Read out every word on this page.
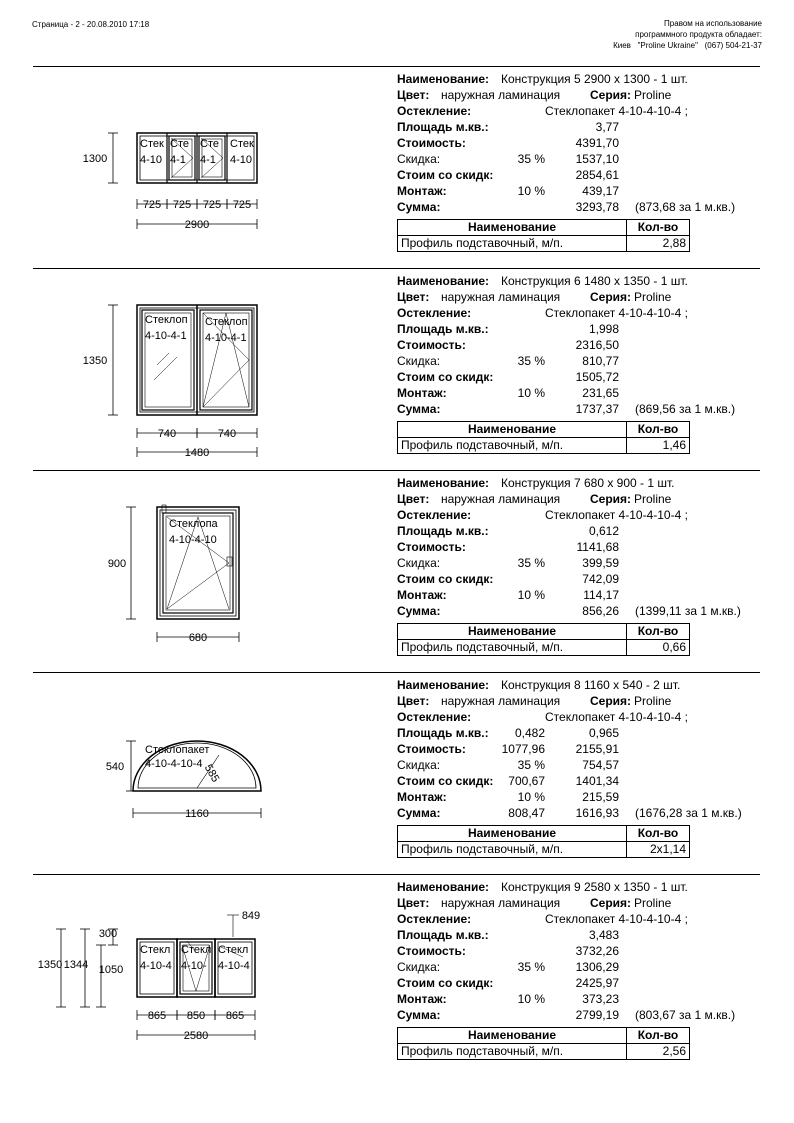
Страница - 2 - 20.08.2010 17:18	Правом на использование
программного продукта обладает:
Киев   "Proline Ukraine"   (067) 504-21-37
Стек
4-10
Сте
4-1
Сте
4-1
Стек
4-10
1300
725 725 725 725
2900
Наименование: Конструкция 5 2900 x 1300 - 1 шт.
Цвет: наружная ламинация Серия: Proline
Остекление:	Стеклопакет 4-10-4-10-4 ;
Площадь м.кв.:	3,77
Стоимость:	4391,70
Скидка:	35 %	1537,10
Стоим со скидк:	2854,61
Монтаж:	10 %	439,17
Сумма:	3293,78 (873,68 за 1 м.кв.)
Наименование	Кол-во
Профиль подставочный, м/п.	2,88
Стеклоп
4-10-4-1
Стеклоп
4-10-4-1
1350
740	740
1480
Наименование: Конструкция 6 1480 x 1350 - 1 шт.
Цвет: наружная ламинация Серия: Proline
Остекление:	Стеклопакет 4-10-4-10-4 ;
Площадь м.кв.:	1,998
Стоимость:	2316,50
Скидка:	35 %	810,77
Стоим со скидк:	1505,72
Монтаж:	10 %	231,65
Сумма:	1737,37 (869,56 за 1 м.кв.)
Наименование	Кол-во
Профиль подставочный, м/п.	1,46
Стеклопа
4-10-4-10
900
680
Наименование: Конструкция 7 680 x 900 - 1 шт.
Цвет: наружная ламинация Серия: Proline
Остекление:	Стеклопакет 4-10-4-10-4 ;
Площадь м.кв.:	0,612
Стоимость:	1141,68
Скидка:	35 %	399,59
Стоим со скидк:	742,09
Монтаж:	10 %	114,17
Сумма:	856,26 (1399,11 за 1 м.кв.)
Наименование	Кол-во
Профиль подставочный, м/п.	0,66
585
Стеклопакет
4-10-4-10-4
540
1160
Наименование: Конструкция 8 1160 x 540 - 2 шт.
Цвет: наружная ламинация Серия: Proline
Остекление:	Стеклопакет 4-10-4-10-4 ;
Площадь м.кв.:	0,482	0,965
Стоимость:	1077,96	2155,91
Скидка:	35 %	754,57
Стоим со скидк:	700,67	1401,34
Монтаж:	10 %	215,59
Сумма:	808,47	1616,93 (1676,28 за 1 м.кв.)
Наименование	Кол-во
Профиль подставочный, м/п.	2x1,14
Стекл
4-10-4
Стекл
4-10-
Стекл
4-10-4
1350 1344 1050
300
849
865 850 865
2580
Наименование: Конструкция 9 2580 x 1350 - 1 шт.
Цвет: наружная ламинация Серия: Proline
Остекление:	Стеклопакет 4-10-4-10-4 ;
Площадь м.кв.:	3,483
Стоимость:	3732,26
Скидка:	35 %	1306,29
Стоим со скидк:	2425,97
Монтаж:	10 %	373,23
Сумма:	2799,19 (803,67 за 1 м.кв.)
Наименование	Кол-во
Профиль подставочный, м/п.	2,56
